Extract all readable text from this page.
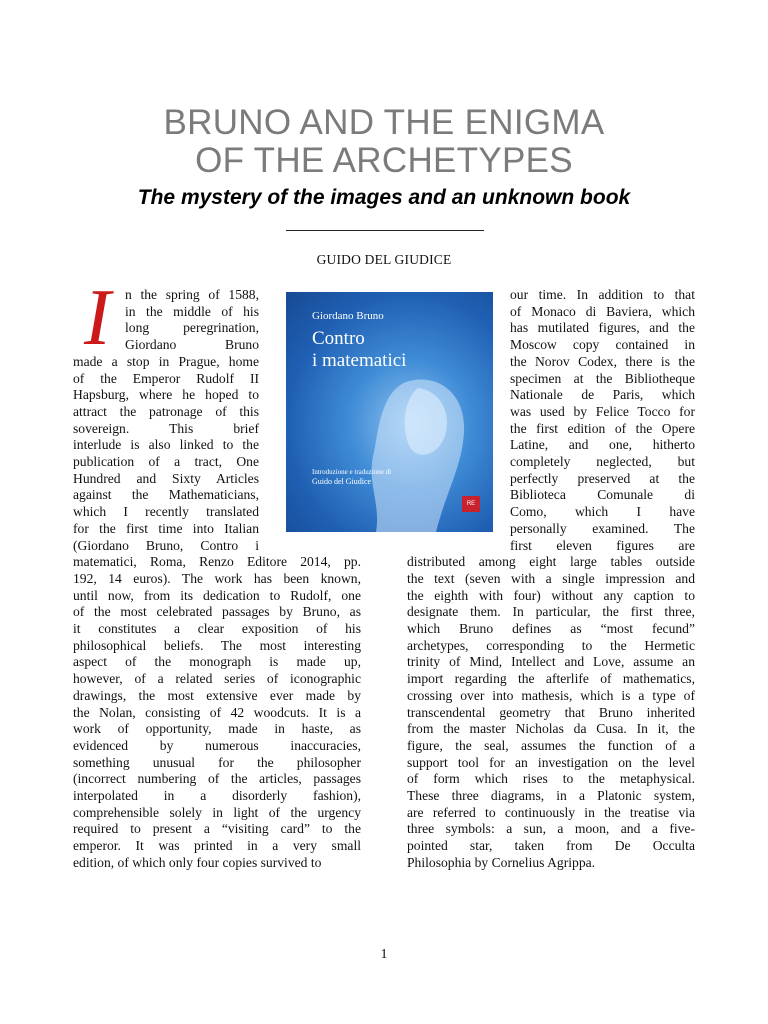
BRUNO AND THE ENIGMA
OF THE ARCHETYPES
The mystery of the images and an unknown book
GUIDO DEL GIUDICE
I	Giordano Bruno
Contro
i matematici
Introduzione e traduzione di
Guido del Giudice
RE
n the spring of 1588,
in the middle of his
long peregrination,
Giordano Bruno
made a stop in Prague, home
of the Emperor Rudolf II
Hapsburg, where he hoped to
attract the patronage of this
sovereign. This brief
interlude is also linked to the
publication of a tract, One
Hundred and Sixty Articles
against the Mathematicians,
which I recently translated
for the first time into Italian
(Giordano Bruno, Contro i
matematici, Roma, Renzo Editore 2014, pp.
192, 14 euros). The work has been known,
until now, from its dedication to Rudolf, one
of the most celebrated passages by Bruno, as
it constitutes a clear exposition of his
philosophical beliefs. The most interesting
aspect of the monograph is made up,
however, of a related series of iconographic
drawings, the most extensive ever made by
the Nolan, consisting of 42 woodcuts. It is a
work of opportunity, made in haste, as
evidenced by numerous inaccuracies,
something unusual for the philosopher
(incorrect numbering of the articles, passages
interpolated in a disorderly fashion),
comprehensible solely in light of the urgency
required to present a “visiting card” to the
emperor. It was printed in a very small
edition, of which only four copies survived to
our time. In addition to that
of Monaco di Baviera, which
has mutilated figures, and the
Moscow copy contained in
the Norov Codex, there is the
specimen at the Bibliotheque
Nationale de Paris, which
was used by Felice Tocco for
the first edition of the Opere
Latine, and one, hitherto
completely neglected, but
perfectly preserved at the
Biblioteca Comunale di
Como, which I have
personally examined. The
first eleven figures are
distributed among eight large tables outside
the text (seven with a single impression and
the eighth with four) without any caption to
designate them. In particular, the first three,
which Bruno defines as “most fecund”
archetypes, corresponding to the Hermetic
trinity of Mind, Intellect and Love, assume an
import regarding the afterlife of mathematics,
crossing over into mathesis, which is a type of
transcendental geometry that Bruno inherited
from the master Nicholas da Cusa. In it, the
figure, the seal, assumes the function of a
support tool for an investigation on the level
of form which rises to the metaphysical.
These three diagrams, in a Platonic system,
are referred to continuously in the treatise via
three symbols: a sun, a moon, and a five-
pointed star, taken from De Occulta
Philosophia by Cornelius Agrippa.
1
